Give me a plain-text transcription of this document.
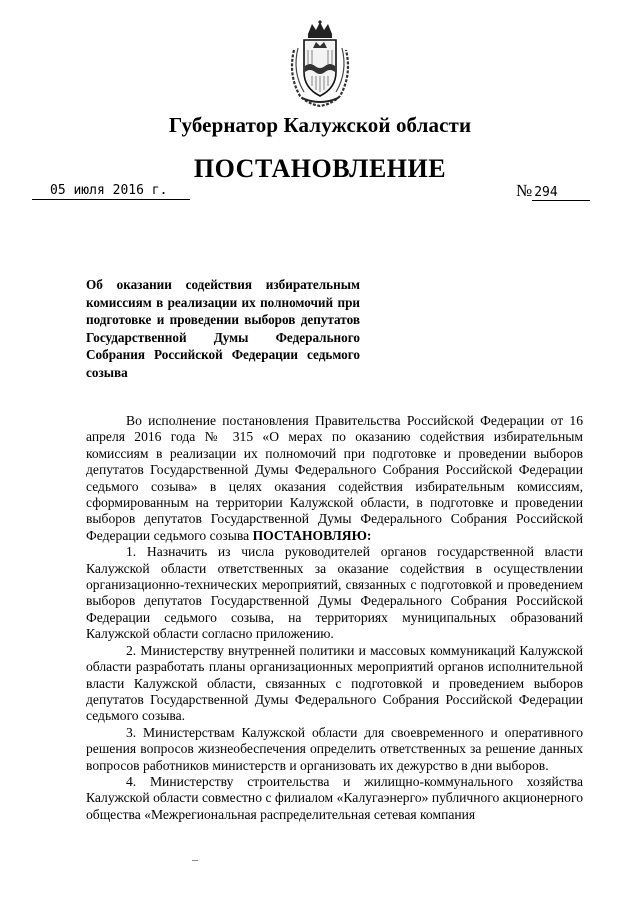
Губернатор Калужской области
ПОСТАНОВЛЕНИЕ
05 июля 2016 г.	№ 294
Об оказании содействия избирательным комиссиям в реализации их полномочий при подготовке и проведении выборов депутатов Государственной Думы Федерального Собрания Российской Федерации седьмого созыва

Во исполнение постановления Правительства Российской Федерации от 16 апреля 2016 года № 315 «О мерах по оказанию содействия избирательным комиссиям в реализации их полномочий при подготовке и проведении выборов депутатов Государственной Думы Федерального Собрания Российской Федерации седьмого созыва» в целях оказания содействия избирательным комиссиям, сформированным на территории Калужской области, в подготовке и проведении выборов депутатов Государственной Думы Федерального Собрания Российской Федерации седьмого созыва ПОСТАНОВЛЯЮ:

1. Назначить из числа руководителей органов государственной власти Калужской области ответственных за оказание содействия в осуществлении организационно-технических мероприятий, связанных с подготовкой и проведением выборов депутатов Государственной Думы Федерального Собрания Российской Федерации седьмого созыва, на территориях муниципальных образований Калужской области согласно приложению.

2. Министерству внутренней политики и массовых коммуникаций Калужской области разработать планы организационных мероприятий органов исполнительной власти Калужской области, связанных с подготовкой и проведением выборов депутатов Государственной Думы Федерального Собрания Российской Федерации седьмого созыва.

3. Министерствам Калужской области для своевременного и оперативного решения вопросов жизнеобеспечения определить ответственных за решение данных вопросов работников министерств и организовать их дежурство в дни выборов.

4. Министерству строительства и жилищно-коммунального хозяйства Калужской области совместно с филиалом «Калугаэнерго» публичного акционерного общества «Межрегиональная распределительная сетевая компания
